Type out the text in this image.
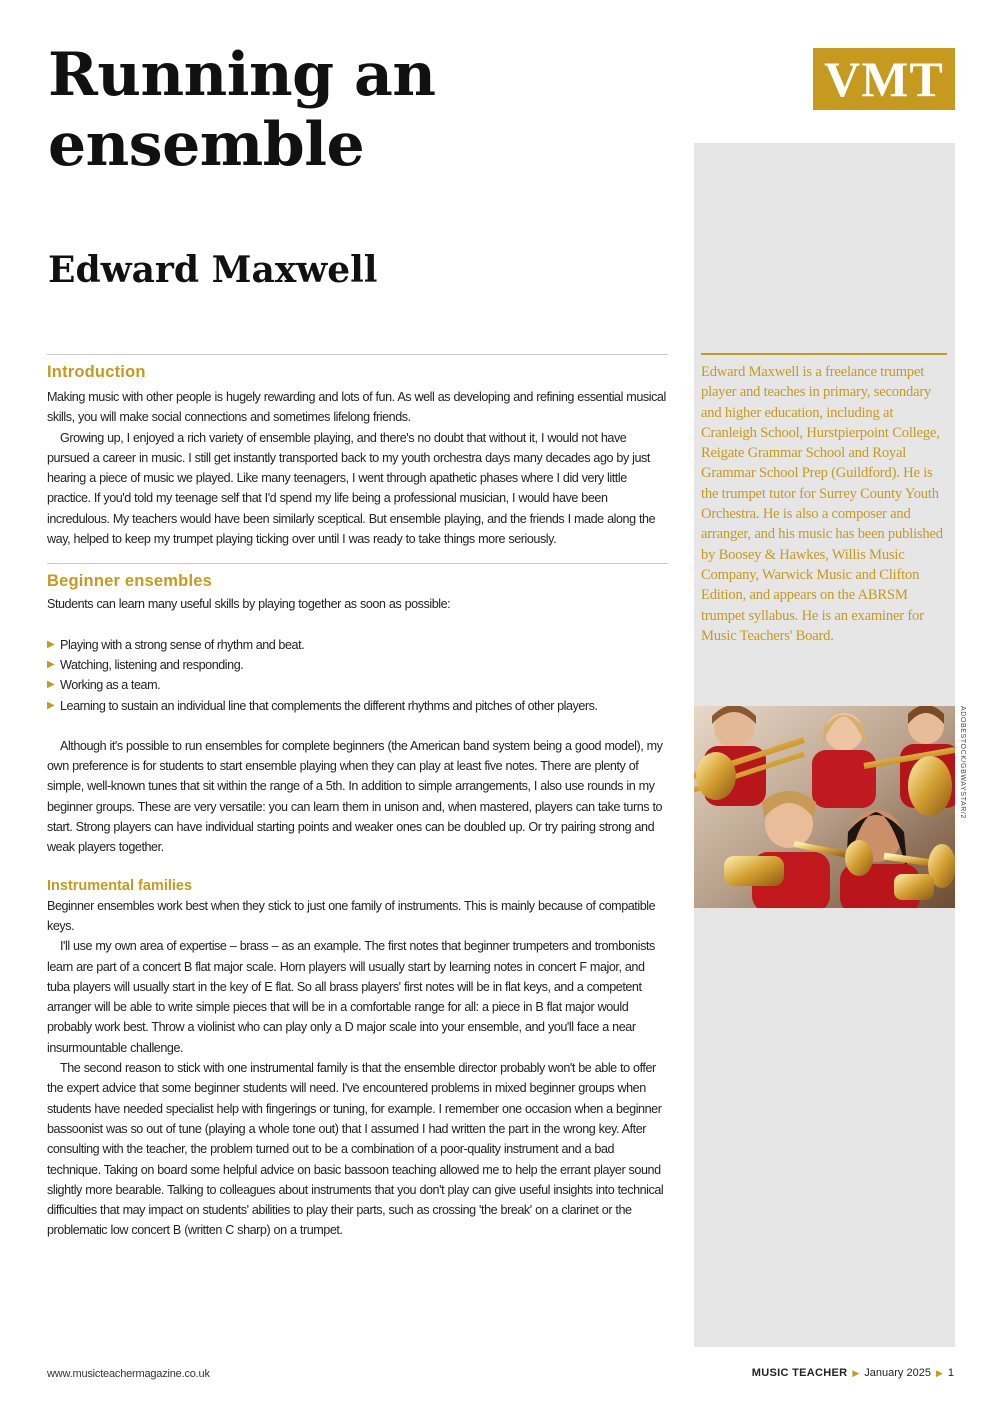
Running an ensemble
VMT
Edward Maxwell

Edward Maxwell is a freelance trumpet player and teaches in primary, secondary and higher education, including at Cranleigh School, Hurstpierpoint College, Reigate Grammar School and Royal Grammar School Prep (Guildford). He is the trumpet tutor for Surrey County Youth Orchestra. He is also a composer and arranger, and his music has been published by Boosey & Hawkes, Willis Music Company, Warwick Music and Clifton Edition, and appears on the ABRSM trumpet syllabus. He is an examiner for Music Teachers' Board.

ADOBESTOCK/GBWAYSTAR/2
Introduction

Making music with other people is hugely rewarding and lots of fun. As well as developing and refining essential musical skills, you will make social connections and sometimes lifelong friends.

Growing up, I enjoyed a rich variety of ensemble playing, and there's no doubt that without it, I would not have pursued a career in music. I still get instantly transported back to my youth orchestra days many decades ago by just hearing a piece of music we played. Like many teenagers, I went through apathetic phases where I did very little practice. If you'd told my teenage self that I'd spend my life being a professional musician, I would have been incredulous. My teachers would have been similarly sceptical. But ensemble playing, and the friends I made along the way, helped to keep my trumpet playing ticking over until I was ready to take things more seriously.

Beginner ensembles

Students can learn many useful skills by playing together as soon as possible:

▶ Playing with a strong sense of rhythm and beat.
▶ Watching, listening and responding.
▶ Working as a team.
▶ Learning to sustain an individual line that complements the different rhythms and pitches of other players.

Although it's possible to run ensembles for complete beginners (the American band system being a good model), my own preference is for students to start ensemble playing when they can play at least five notes. There are plenty of simple, well-known tunes that sit within the range of a 5th. In addition to simple arrangements, I also use rounds in my beginner groups. These are very versatile: you can learn them in unison and, when mastered, players can take turns to start. Strong players can have individual starting points and weaker ones can be doubled up. Or try pairing strong and weak players together.

Instrumental families

Beginner ensembles work best when they stick to just one family of instruments. This is mainly because of compatible keys.

I'll use my own area of expertise – brass – as an example. The first notes that beginner trumpeters and trombonists learn are part of a concert B flat major scale. Horn players will usually start by learning notes in concert F major, and tuba players will usually start in the key of E flat. So all brass players' first notes will be in flat keys, and a competent arranger will be able to write simple pieces that will be in a comfortable range for all: a piece in B flat major would probably work best. Throw a violinist who can play only a D major scale into your ensemble, and you'll face a near insurmountable challenge.

The second reason to stick with one instrumental family is that the ensemble director probably won't be able to offer the expert advice that some beginner students will need. I've encountered problems in mixed beginner groups when students have needed specialist help with fingerings or tuning, for example. I remember one occasion when a beginner bassoonist was so out of tune (playing a whole tone out) that I assumed I had written the part in the wrong key. After consulting with the teacher, the problem turned out to be a combination of a poor-quality instrument and a bad technique. Taking on board some helpful advice on basic bassoon teaching allowed me to help the errant player sound slightly more bearable. Talking to colleagues about instruments that you don't play can give useful insights into technical difficulties that may impact on students' abilities to play their parts, such as crossing 'the break' on a clarinet or the problematic low concert B (written C sharp) on a trumpet.

www.musicteachermagazine.co.uk	MUSIC TEACHER ▶ January 2025 ▶ 1
